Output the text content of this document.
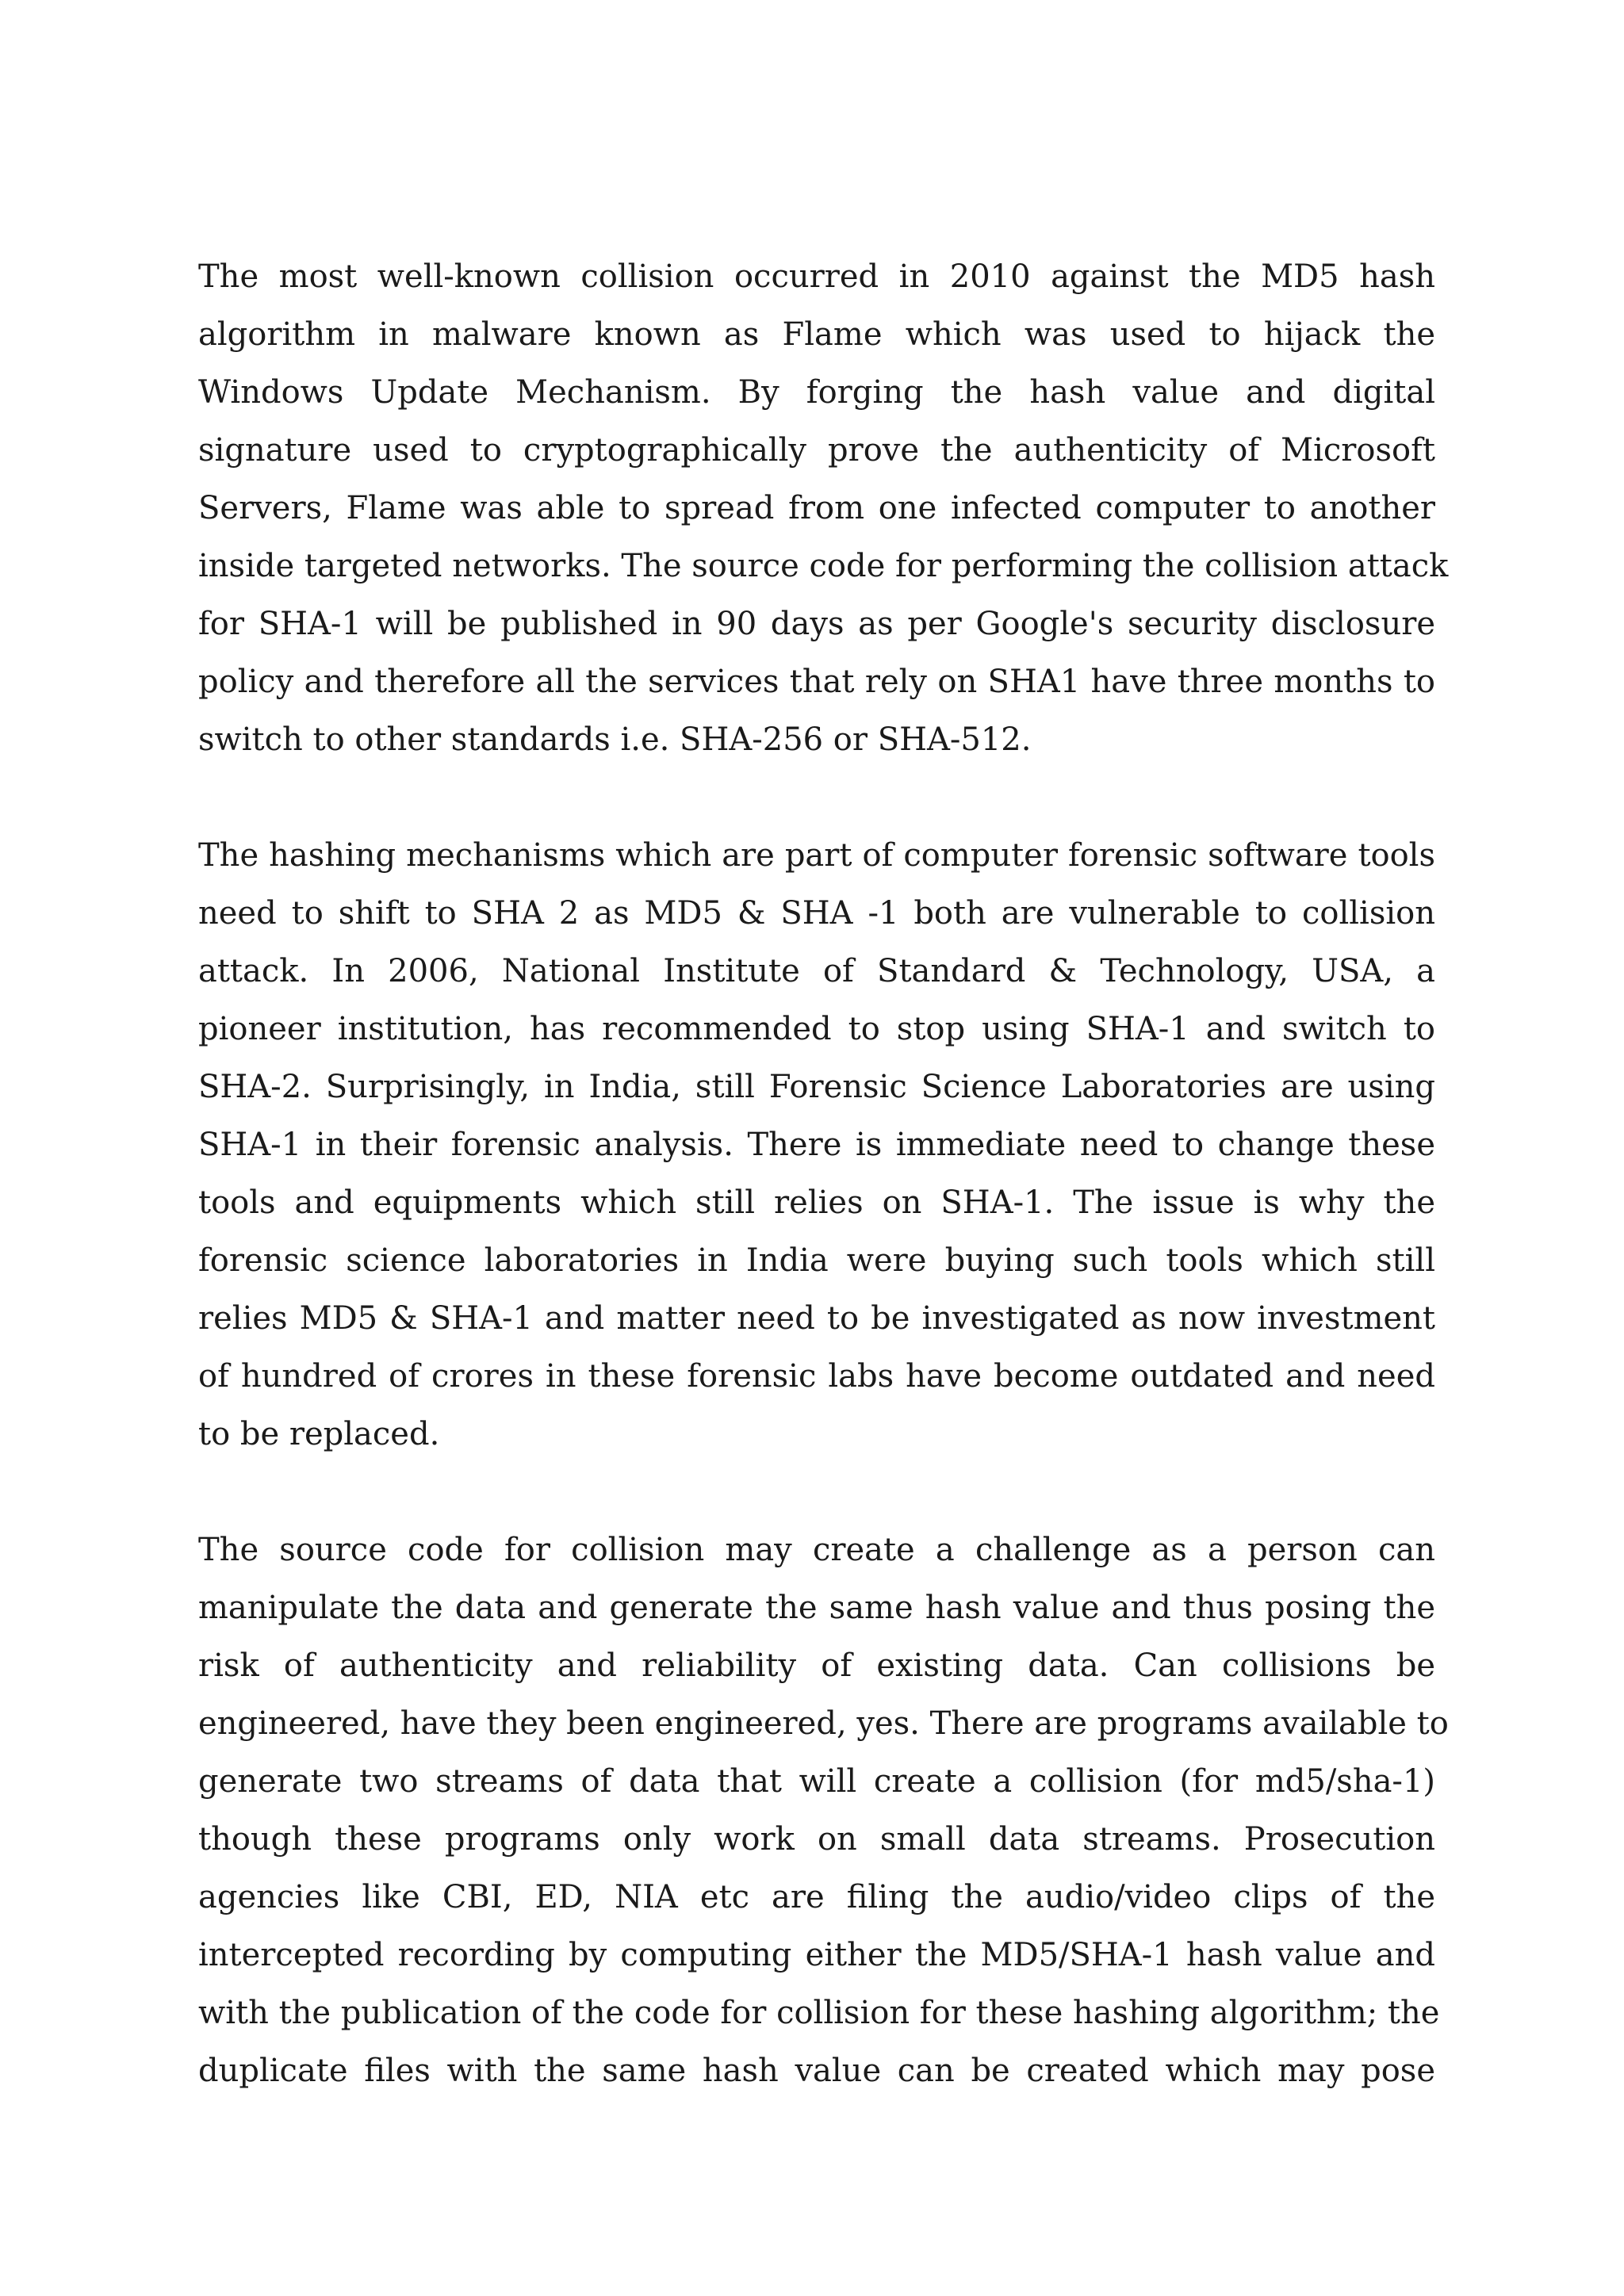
The most well-known collision occurred in 2010 against the MD5 hash
algorithm in malware known as Flame which was used to hijack the
Windows Update Mechanism. By forging the hash value and digital
signature used to cryptographically prove the authenticity of Microsoft
Servers, Flame was able to spread from one infected computer to another
inside targeted networks. The source code for performing the collision attack
for SHA-1 will be published in 90 days as per Google's security disclosure
policy and therefore all the services that rely on SHA1 have three months to
switch to other standards i.e. SHA-256 or SHA-512.
The hashing mechanisms which are part of computer forensic software tools
need to shift to SHA 2 as MD5 & SHA -1 both are vulnerable to collision
attack. In 2006, National Institute of Standard & Technology, USA, a
pioneer institution, has recommended to stop using SHA-1 and switch to
SHA-2. Surprisingly, in India, still Forensic Science Laboratories are using
SHA-1 in their forensic analysis. There is immediate need to change these
tools and equipments which still relies on SHA-1. The issue is why the
forensic science laboratories in India were buying such tools which still
relies MD5 & SHA-1 and matter need to be investigated as now investment
of hundred of crores in these forensic labs have become outdated and need
to be replaced.
The source code for collision may create a challenge as a person can
manipulate the data and generate the same hash value and thus posing the
risk of authenticity and reliability of existing data. Can collisions be
engineered, have they been engineered, yes. There are programs available to
generate two streams of data that will create a collision (for md5/sha-1)
though these programs only work on small data streams. Prosecution
agencies like CBI, ED, NIA etc are filing the audio/video clips of the
intercepted recording by computing either the MD5/SHA-1 hash value and
with the publication of the code for collision for these hashing algorithm; the
duplicate files with the same hash value can be created which may pose
